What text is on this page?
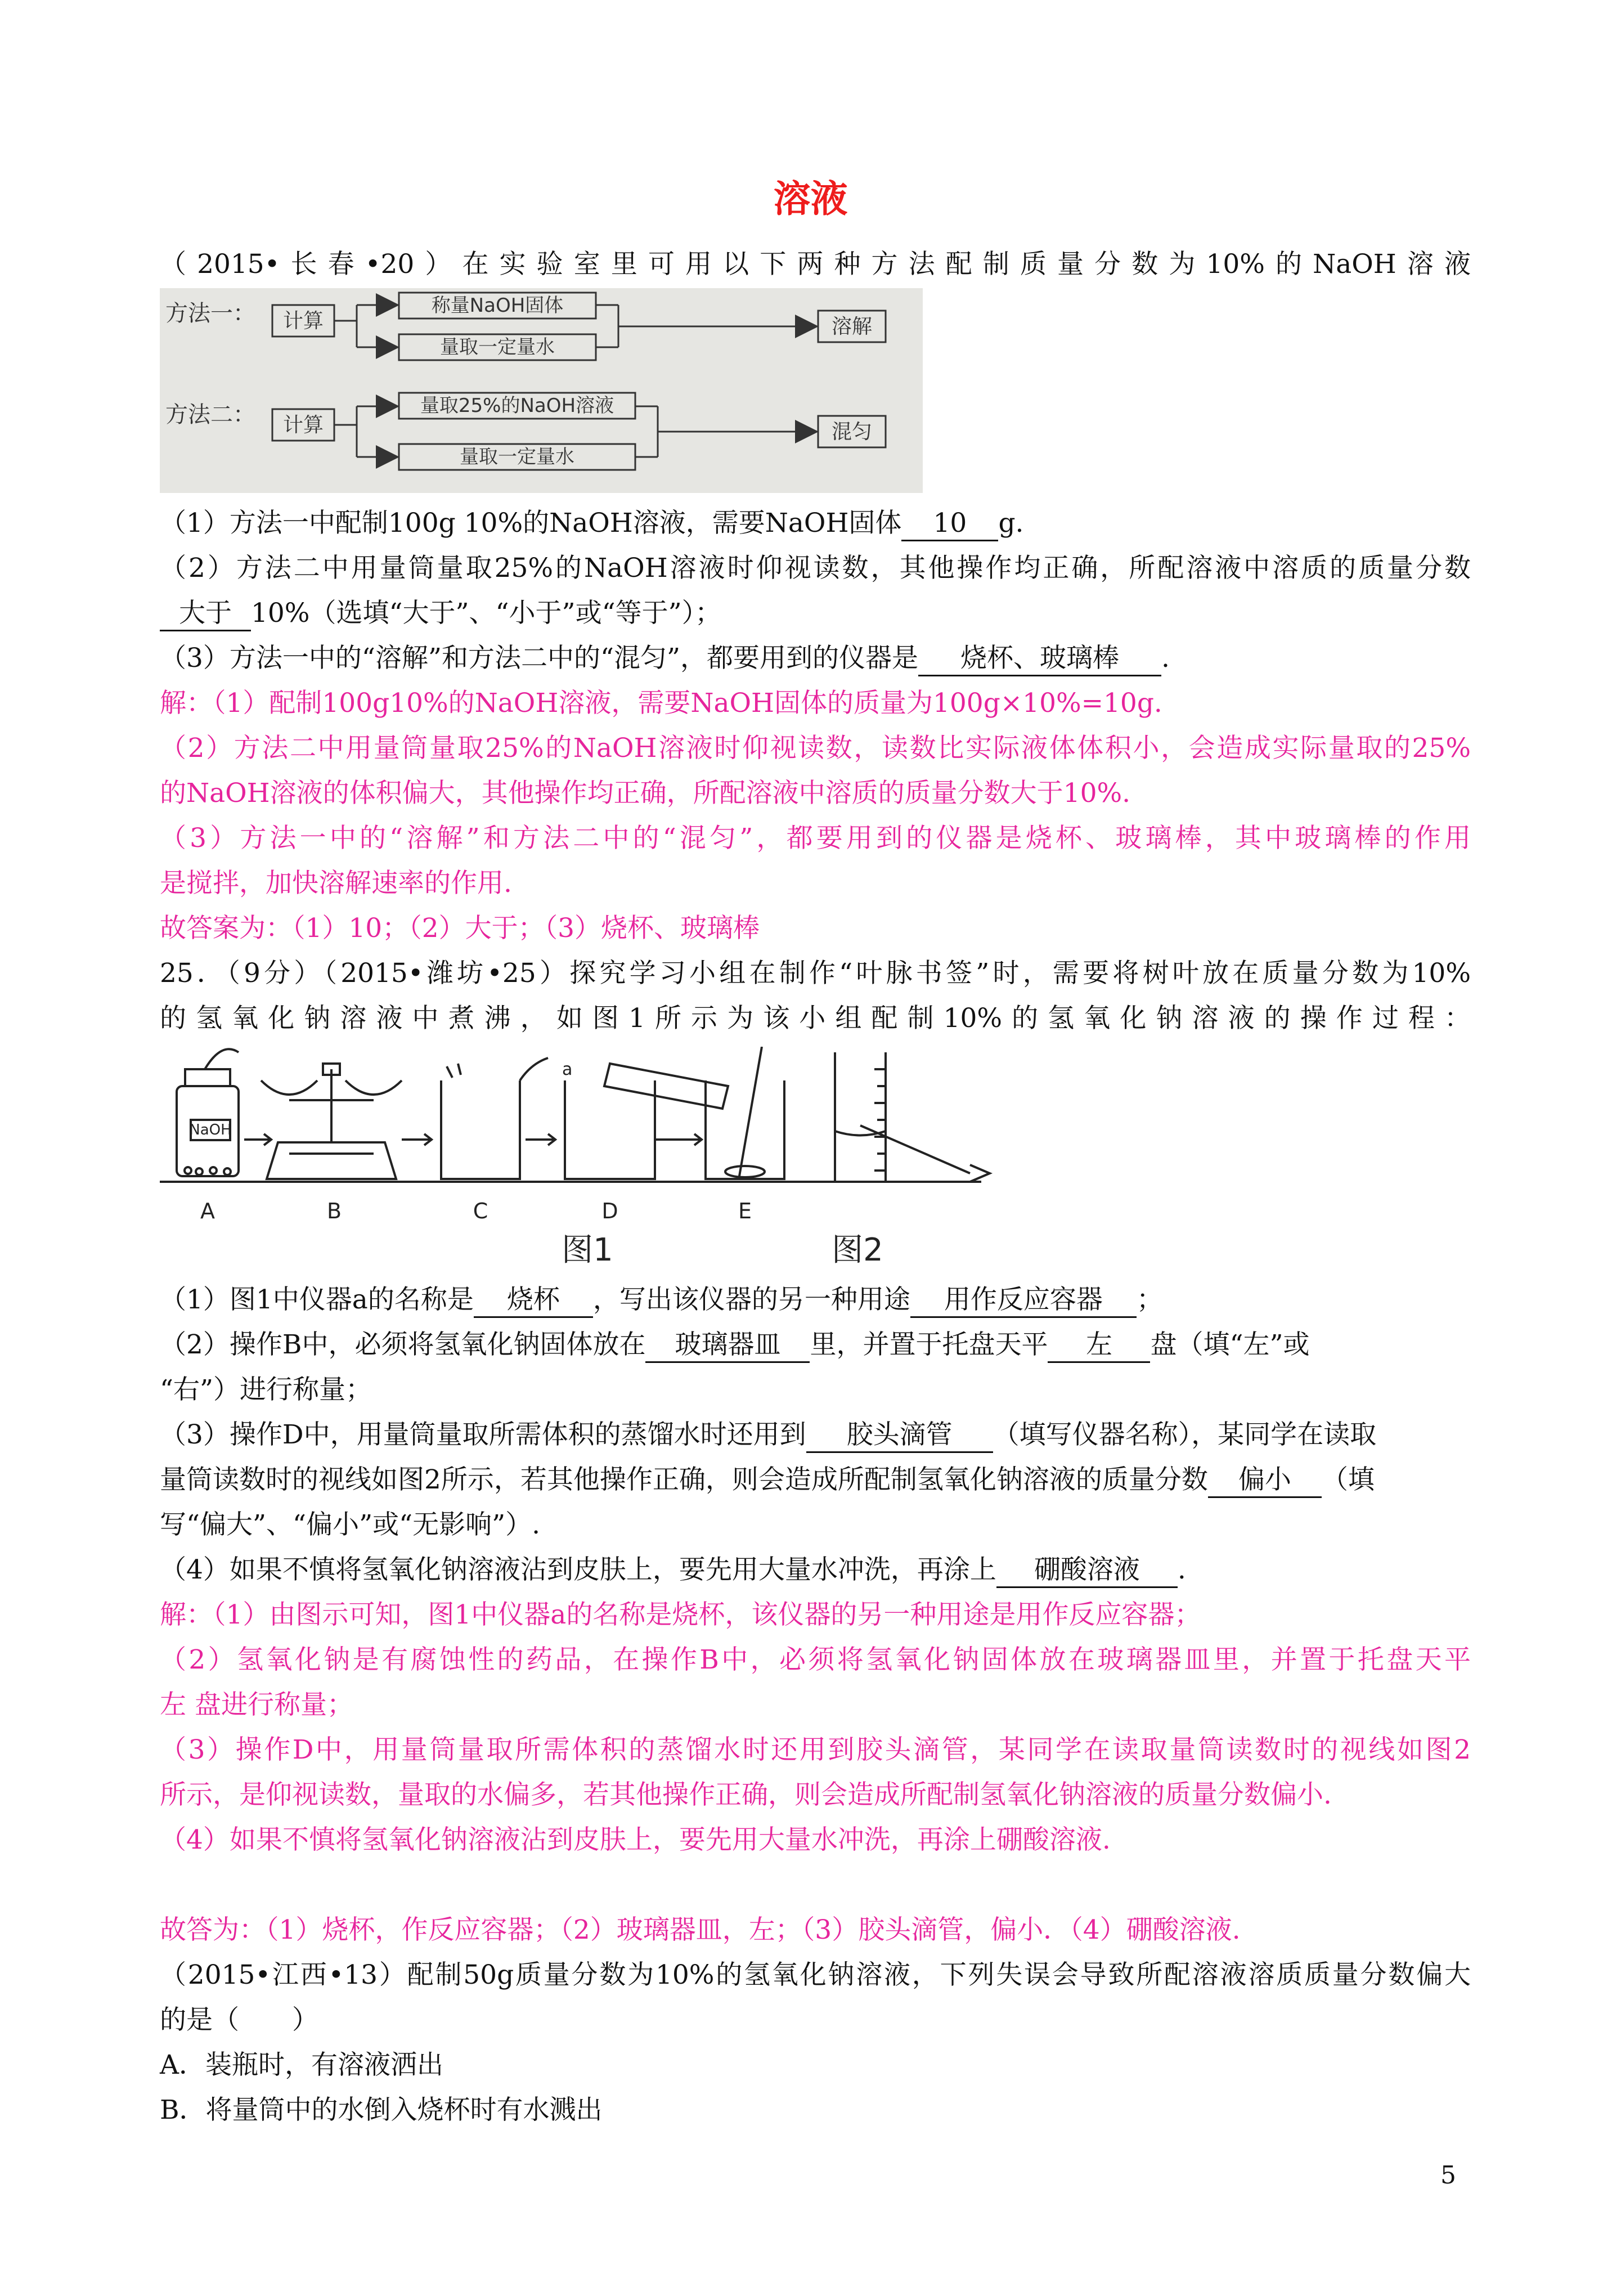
溶液
（2015•长春•20）在实验室里可用以下两种方法配制质量分数为10%的NaOH溶液
方法一：
方法二：
计算
计算
称量NaOH固体
量取一定量水
溶解
量取25%的NaOH溶液
量取一定量水
混匀
（1）方法一中配制100g 10%的NaOH溶液，需要NaOH固体 10 g.
（2）方法二中用量筒量取25%的NaOH溶液时仰视读数，其他操作均正确，所配溶液中溶质的质量分数
大于 10%（选填“大于”、“小于”或“等于”）；
（3）方法一中的“溶解”和方法二中的“混匀”，都要用到的仪器是 烧杯、玻璃棒 .
解：（1）配制100g10%的NaOH溶液，需要NaOH固体的质量为100g×10%=10g.
（2）方法二中用量筒量取25%的NaOH溶液时仰视读数，读数比实际液体体积小，会造成实际量取的25%
的NaOH溶液的体积偏大，其他操作均正确，所配溶液中溶质的质量分数大于10%.
（3）方法一中的“溶解”和方法二中的“混匀”，都要用到的仪器是烧杯、玻璃棒，其中玻璃棒的作用
是搅拌，加快溶解速率的作用.
故答案为：（1）10；（2）大于；（3）烧杯、玻璃棒
25．（9分）（2015•潍坊•25）探究学习小组在制作“叶脉书签”时，需要将树叶放在质量分数为10%
的氢氧化钠溶液中煮沸，如图1所示为该小组配制10%的氢氧化钠溶液的操作过程：
NaOH
a
A	B	C	D	E
图1	图2
（1）图1中仪器a的名称是 烧杯 ，写出该仪器的另一种用途 用作反应容器 ；
（2）操作B中，必须将氢氧化钠固体放在 玻璃器皿 里，并置于托盘天平 左 盘（填“左”或
“右”）进行称量；
（3）操作D中，用量筒量取所需体积的蒸馏水时还用到 胶头滴管 （填写仪器名称），某同学在读取
量筒读数时的视线如图2所示，若其他操作正确，则会造成所配制氢氧化钠溶液的质量分数 偏小 （填
写“偏大”、“偏小”或“无影响”）.
（4）如果不慎将氢氧化钠溶液沾到皮肤上，要先用大量水冲洗，再涂上 硼酸溶液 .
解：（1）由图示可知，图1中仪器a的名称是烧杯，该仪器的另一种用途是用作反应容器；
（2）氢氧化钠是有腐蚀性的药品，在操作B中，必须将氢氧化钠固体放在玻璃器皿里，并置于托盘天平
左 盘进行称量；
（3）操作D中，用量筒量取所需体积的蒸馏水时还用到胶头滴管，某同学在读取量筒读数时的视线如图2
所示，是仰视读数，量取的水偏多，若其他操作正确，则会造成所配制氢氧化钠溶液的质量分数偏小.
（4）如果不慎将氢氧化钠溶液沾到皮肤上，要先用大量水冲洗，再涂上硼酸溶液.
故答为：（1）烧杯，作反应容器；（2）玻璃器皿，左；（3）胶头滴管，偏小．（4）硼酸溶液.
（2015•江西•13）配制50g质量分数为10%的氢氧化钠溶液，下列失误会导致所配溶液溶质质量分数偏大
的是（　　）
A．装瓶时，有溶液洒出
B．将量筒中的水倒入烧杯时有水溅出
5
